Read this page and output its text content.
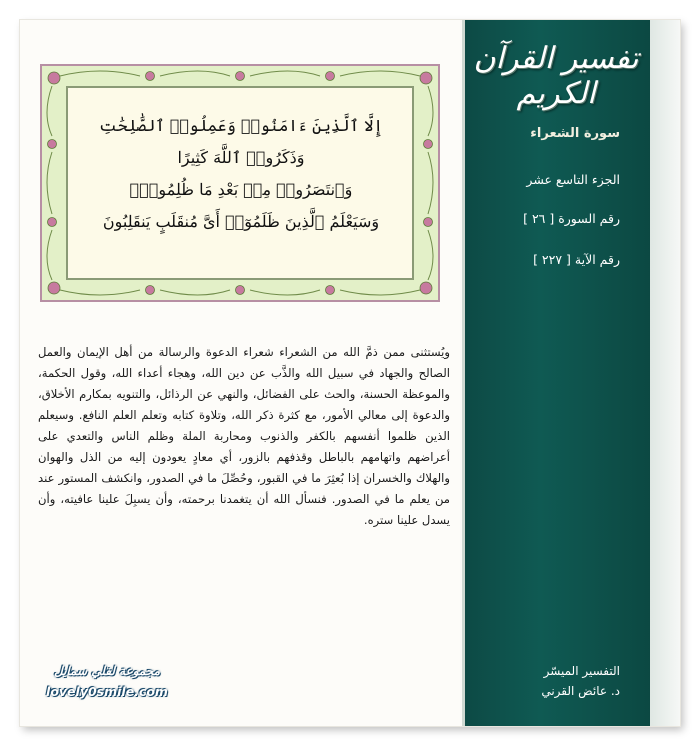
تفسير القرآن الكريم
سورة الشعراء
الجزء التاسع عشر
رقم السورة [ ٢٦ ]
رقم الآية [ ٢٢٧ ]
التفسير الميسّر
د. عائض القرني
إِلَّا ٱلَّذِينَ ءَامَنُوا۟ وَعَمِلُوا۟ ٱلصَّٰلِحَٰتِ
وَذَكَرُوا۟ ٱللَّهَ كَثِيرًا
وَٱنتَصَرُوا۟ مِنۢ بَعْدِ مَا ظُلِمُوا۟ۗ
وَسَيَعْلَمُ ٱلَّذِينَ ظَلَمُوٓا۟ أَىَّ مُنقَلَبٍ يَنقَلِبُونَ
ويُستثنى ممن ذمَّ الله من الشعراء شعراء الدعوة والرسالة من أهل الإيمان والعمل الصالح والجهاد في سبيل الله والذَّب عن دين الله، وهجاء أعداء الله، وقول الحكمة، والموعظة الحسنة، والحث على الفضائل، والنهي عن الرذائل، والتنويه بمكارم الأخلاق، والدعوة إلى معالي الأمور، مع كثرة ذكر الله، وتلاوة كتابه وتعلم العلم النافع. وسيعلم الذين ظلموا أنفسهم بالكفر والذنوب ومحاربة الملة وظلم الناس والتعدي على أعراضهم واتهامهم بالباطل وقذفهم بالزور، أي معادٍ يعودون إليه من الذل والهوان والهلاك والخسران إذا بُعثِرَ ما في القبور، وحُصِّلَ ما في الصدور، وانكشف المستور عند من يعلم ما في الصدور. فنسأل الله أن يتغمدنا برحمته، وأن يسبِلَ علينا عافيته، وأن يسدل علينا ستره.
مجموعة لفلي سمايل
lovely0smile.com
